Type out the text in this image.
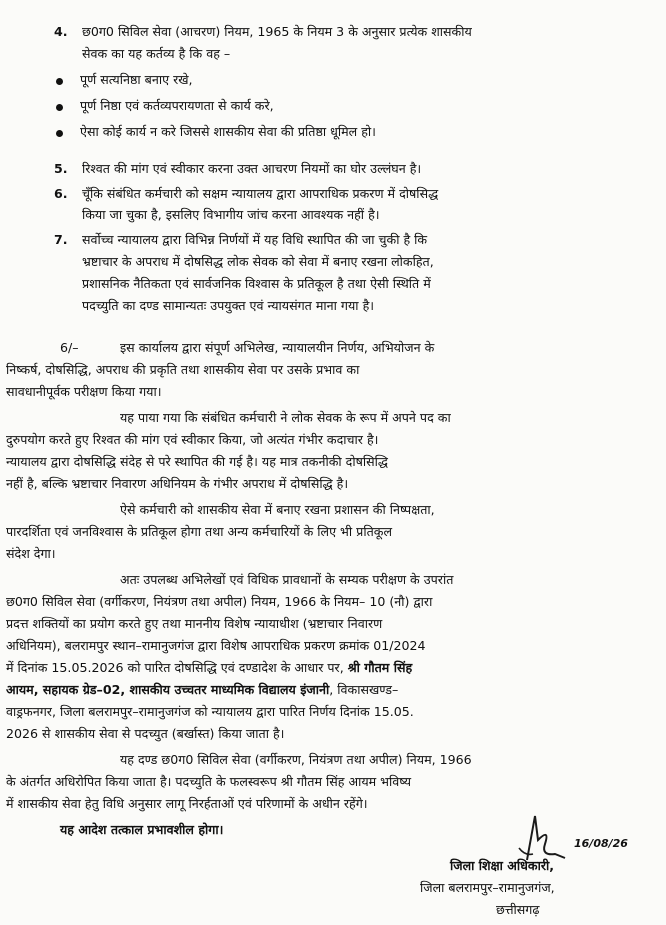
4. छ0ग0 सिविल सेवा (आचरण) नियम, 1965 के नियम 3 के अनुसार प्रत्येक शासकीय
सेवक का यह कर्तव्य है कि वह –
पूर्ण सत्यनिष्ठा बनाए रखे,
पूर्ण निष्ठा एवं कर्तव्यपरायणता से कार्य करे,
ऐसा कोई कार्य न करे जिससे शासकीय सेवा की प्रतिष्ठा धूमिल हो।
5. रिश्वत की मांग एवं स्वीकार करना उक्त आचरण नियमों का घोर उल्लंघन है।
6. चूँकि संबंधित कर्मचारी को सक्षम न्यायालय द्वारा आपराधिक प्रकरण में दोषसिद्ध
किया जा चुका है, इसलिए विभागीय जांच करना आवश्यक नहीं है।
7. सर्वोच्च न्यायालय द्वारा विभिन्न निर्णयों में यह विधि स्थापित की जा चुकी है कि
भ्रष्टाचार के अपराध में दोषसिद्ध लोक सेवक को सेवा में बनाए रखना लोकहित,
प्रशासनिक नैतिकता एवं सार्वजनिक विश्वास के प्रतिकूल है तथा ऐसी स्थिति में
पदच्युति का दण्ड सामान्यतः उपयुक्त एवं न्यायसंगत माना गया है।
6/–	इस कार्यालय द्वारा संपूर्ण अभिलेख, न्यायालयीन निर्णय, अभियोजन के
निष्कर्ष, दोषसिद्धि, अपराध की प्रकृति तथा शासकीय सेवा पर उसके प्रभाव का
सावधानीपूर्वक परीक्षण किया गया।
यह पाया गया कि संबंधित कर्मचारी ने लोक सेवक के रूप में अपने पद का
दुरुपयोग करते हुए रिश्वत की मांग एवं स्वीकार किया, जो अत्यंत गंभीर कदाचार है।
न्यायालय द्वारा दोषसिद्धि संदेह से परे स्थापित की गई है। यह मात्र तकनीकी दोषसिद्धि
नहीं है, बल्कि भ्रष्टाचार निवारण अधिनियम के गंभीर अपराध में दोषसिद्धि है।
ऐसे कर्मचारी को शासकीय सेवा में बनाए रखना प्रशासन की निष्पक्षता,
पारदर्शिता एवं जनविश्वास के प्रतिकूल होगा तथा अन्य कर्मचारियों के लिए भी प्रतिकूल
संदेश देगा।
अतः उपलब्ध अभिलेखों एवं विधिक प्रावधानों के सम्यक परीक्षण के उपरांत
छ0ग0 सिविल सेवा (वर्गीकरण, नियंत्रण तथा अपील) नियम, 1966 के नियम– 10 (नौ) द्वारा
प्रदत्त शक्तियों का प्रयोग करते हुए तथा माननीय विशेष न्यायाधीश (भ्रष्टाचार निवारण
अधिनियम), बलरामपुर स्थान–रामानुजगंज द्वारा विशेष आपराधिक प्रकरण क्रमांक 01/2024
में दिनांक 15.05.2026 को पारित दोषसिद्धि एवं दण्डादेश के आधार पर, श्री गौतम सिंह
आयम, सहायक ग्रेड–02, शासकीय उच्चतर माध्यमिक विद्यालय इंजानी, विकासखण्ड–
वाड्रफनगर, जिला बलरामपुर–रामानुजगंज को न्यायालय द्वारा पारित निर्णय दिनांक 15.05.
2026 से शासकीय सेवा से पदच्युत (बर्खास्त) किया जाता है।
यह दण्ड छ0ग0 सिविल सेवा (वर्गीकरण, नियंत्रण तथा अपील) नियम, 1966
के अंतर्गत अधिरोपित किया जाता है। पदच्युति के फलस्वरूप श्री गौतम सिंह आयम भविष्य
में शासकीय सेवा हेतु विधि अनुसार लागू निरर्हताओं एवं परिणामों के अधीन रहेंगे।
यह आदेश तत्काल प्रभावशील होगा।
16/08/26
जिला शिक्षा अधिकारी,
जिला बलरामपुर–रामानुजगंज,
छत्तीसगढ़
